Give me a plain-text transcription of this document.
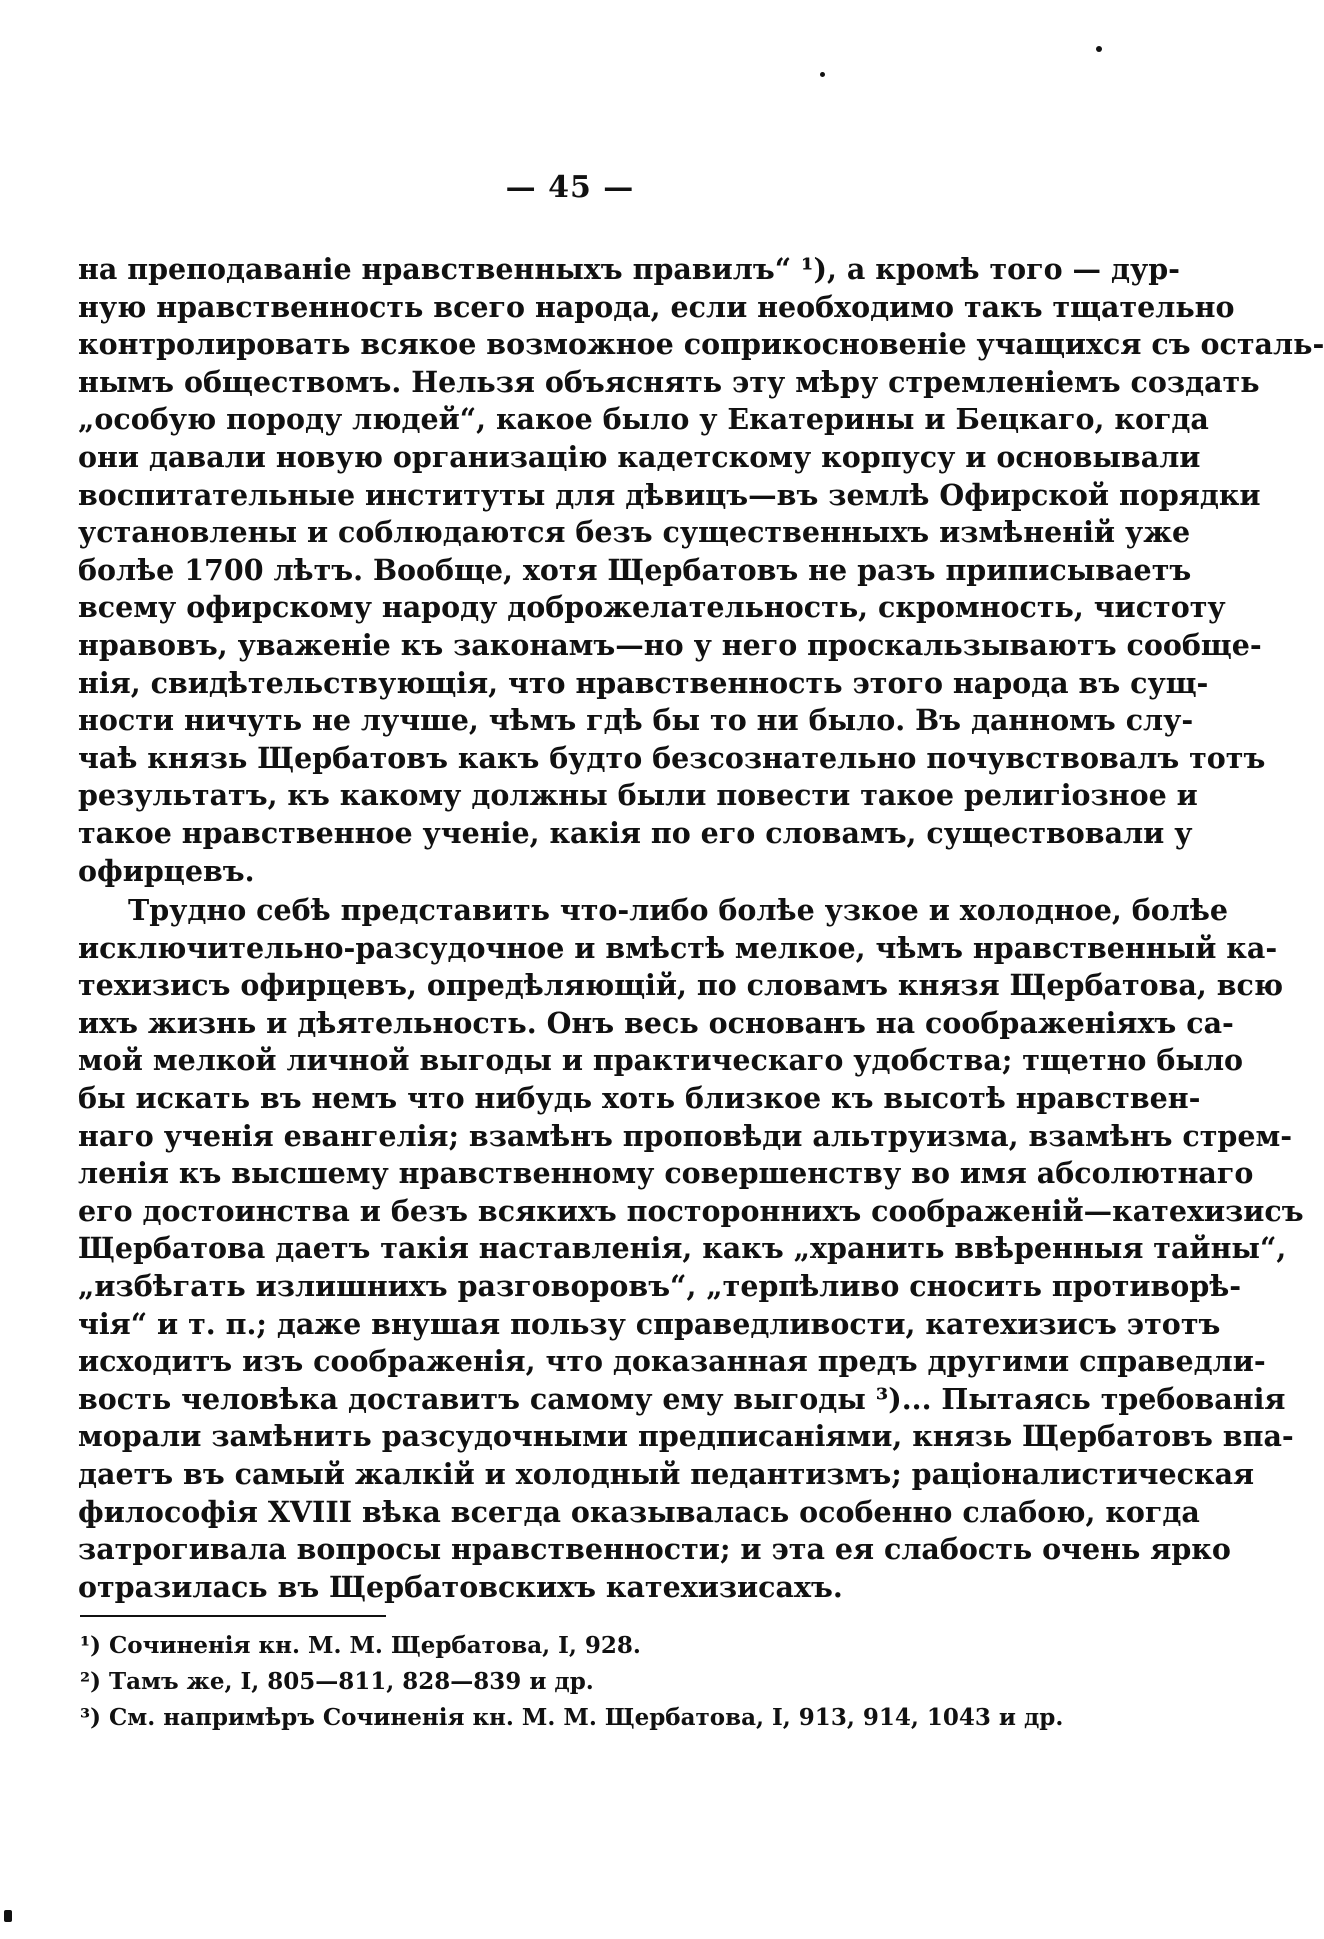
— 45 —
на преподаваніе нравственныхъ правилъ“ ¹), а кромѣ того — дур-
ную нравственность всего народа, если необходимо такъ тщательно
контролировать всякое возможное соприкосновеніе учащихся съ осталь-
нымъ обществомъ. Нельзя объяснять эту мѣру стремленіемъ создать
„особую породу людей“, какое было у Екатерины и Бецкаго, когда
они давали новую организацію кадетскому корпусу и основывали
воспитательные институты для дѣвицъ—въ землѣ Офирской порядки
установлены и соблюдаются безъ существенныхъ измѣненій уже
болѣе 1700 лѣтъ. Вообще, хотя Щербатовъ не разъ приписываетъ
всему офирскому народу доброжелательность, скромность, чистоту
нравовъ, уваженіе къ законамъ—но у него проскальзываютъ сообще-
нія, свидѣтельствующія, что нравственность этого народа въ сущ-
ности ничуть не лучше, чѣмъ гдѣ бы то ни было. Въ данномъ слу-
чаѣ князь Щербатовъ какъ будто безсознательно почувствовалъ тотъ
результатъ, къ какому должны были повести такое религіозное и
такое нравственное ученіе, какія по его словамъ, существовали у
офирцевъ.
Трудно себѣ представить что-либо болѣе узкое и холодное, болѣе
исключительно-разсудочное и вмѣстѣ мелкое, чѣмъ нравственный ка-
техизисъ офирцевъ, опредѣляющій, по словамъ князя Щербатова, всю
ихъ жизнь и дѣятельность. Онъ весь основанъ на соображеніяхъ са-
мой мелкой личной выгоды и практическаго удобства; тщетно было
бы искать въ немъ что нибудь хоть близкое къ высотѣ нравствен-
наго ученія евангелія; взамѣнъ проповѣди альтруизма, взамѣнъ стрем-
ленія къ высшему нравственному совершенству во имя абсолютнаго
его достоинства и безъ всякихъ постороннихъ соображеній—катехизисъ
Щербатова даетъ такія наставленія, какъ „хранить ввѣренныя тайны“,
„избѣгать излишнихъ разговоровъ“, „терпѣливо сносить противорѣ-
чія“ и т. п.; даже внушая пользу справедливости, катехизисъ этотъ
исходитъ изъ соображенія, что доказанная предъ другими справедли-
вость человѣка доставитъ самому ему выгоды ³)... Пытаясь требованія
морали замѣнить разсудочными предписаніями, князь Щербатовъ впа-
даетъ въ самый жалкій и холодный педантизмъ; раціоналистическая
философія XVIII вѣка всегда оказывалась особенно слабою, когда
затрогивала вопросы нравственности; и эта ея слабость очень ярко
отразилась въ Щербатовскихъ катехизисахъ.
¹) Сочиненія кн. М. М. Щербатова, I, 928.
²) Тамъ же, I, 805—811, 828—839 и др.
³) См. напримѣръ Сочиненія кн. М. М. Щербатова, I, 913, 914, 1043 и др.
